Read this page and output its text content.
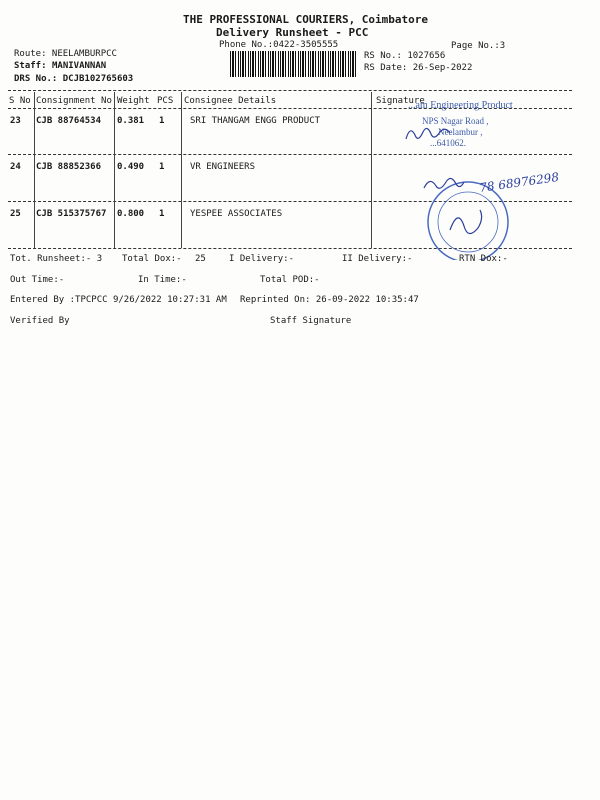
THE PROFESSIONAL COURIERS, Coimbatore
Delivery Runsheet - PCC
Phone No.:0422-3505555	Page No.:3
Route: NEELAMBURPCC
Staff: MANIVANNAN
DRS No.: DCJB102765603
RS No.: 1027656
RS Date: 26-Sep-2022
S No Consignment No Weight PCS Consignee Details	Signature
23 CJB 88764534 0.381 1	SRI THANGAM ENGG PRODUCT
24 CJB 88852366 0.490 1	VR ENGINEERS
25 CJB 515375767 0.800 1	YESPEE ASSOCIATES
...am Engineering Product
NPS Nagar Road ,
Neelambur ,
...641062.
78 68976298
Tot. Runsheet:- 3 Total Dox:- 25	I Delivery:-	II Delivery:-	RTN Dox:-
Out Time:-	In Time:-	Total POD:-
Entered By :TPCPCC 9/26/2022 10:27:31 AM Reprinted On: 26-09-2022 10:35:47
Verified By	Staff Signature
